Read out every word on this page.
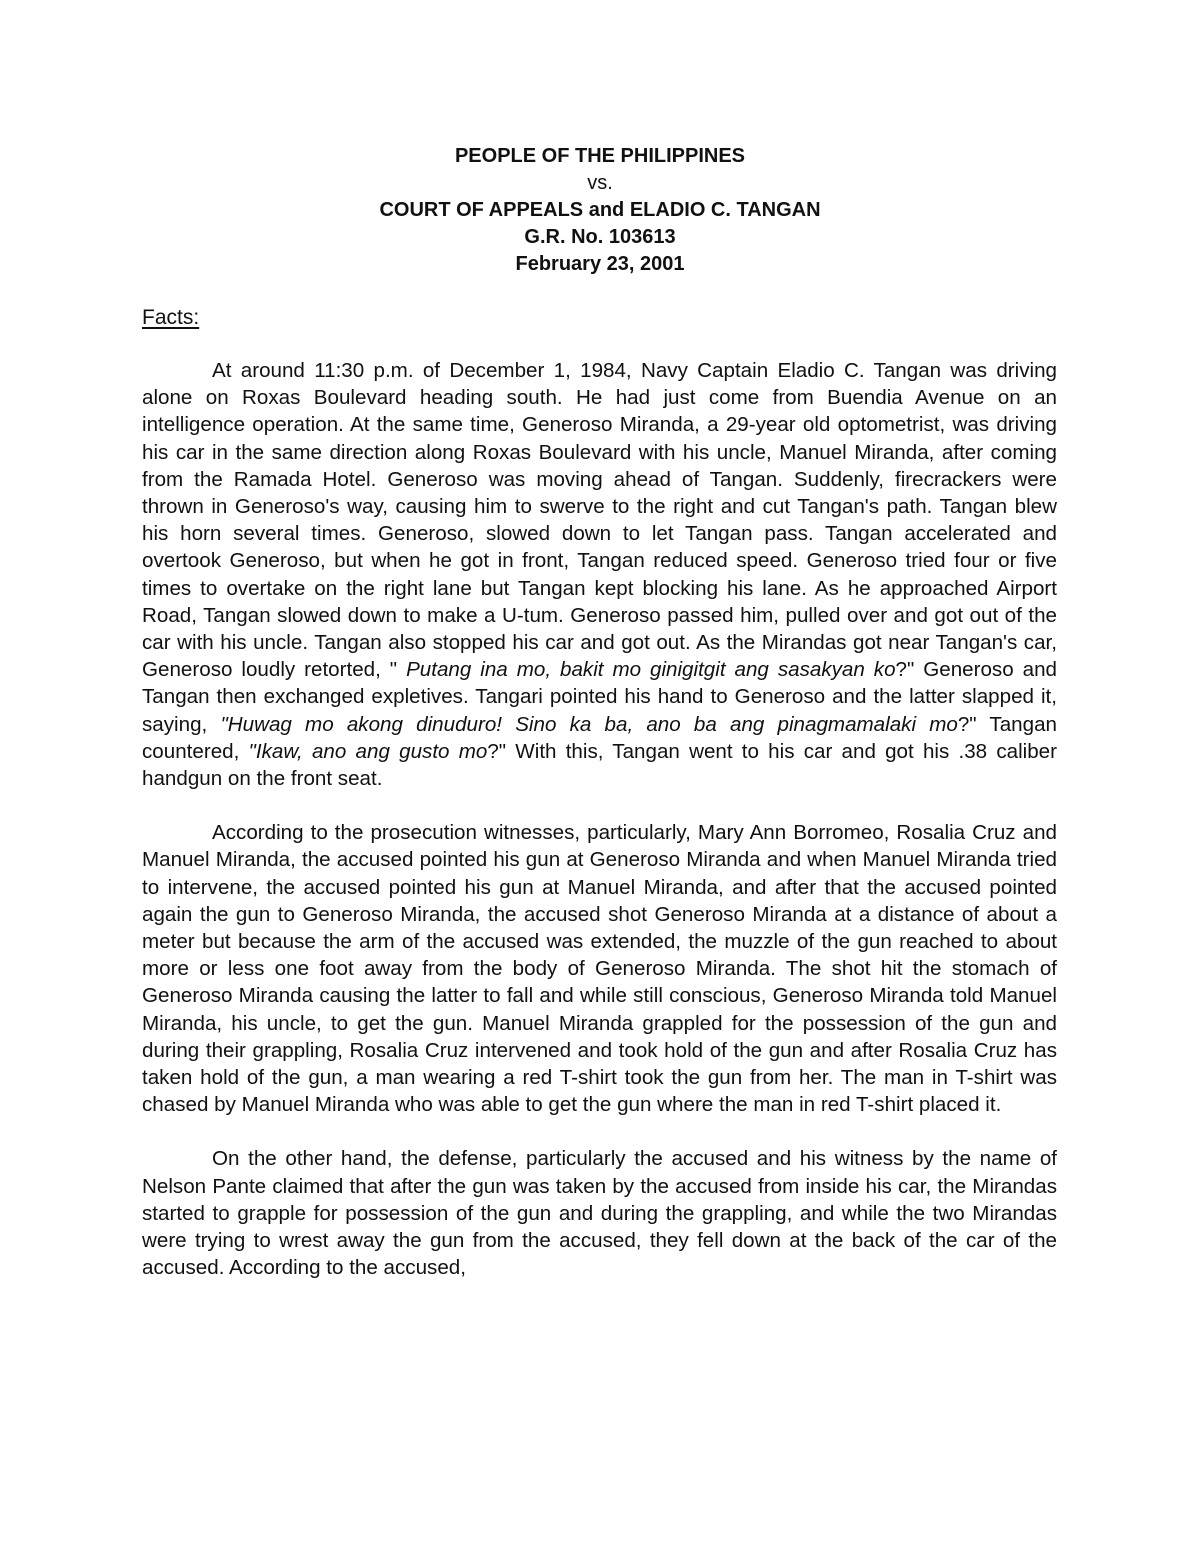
PEOPLE OF THE PHILIPPINES
vs.
COURT OF APPEALS and ELADIO C. TANGAN
G.R. No. 103613
February 23, 2001
Facts:

At around 11:30 p.m. of December 1, 1984, Navy Captain Eladio C. Tangan was driving alone on Roxas Boulevard heading south. He had just come from Buendia Avenue on an intelligence operation. At the same time, Generoso Miranda, a 29-year old optometrist, was driving his car in the same direction along Roxas Boulevard with his uncle, Manuel Miranda, after coming from the Ramada Hotel. Generoso was moving ahead of Tangan. Suddenly, firecrackers were thrown in Generoso's way, causing him to swerve to the right and cut Tangan's path. Tangan blew his horn several times. Generoso, slowed down to let Tangan pass. Tangan accelerated and overtook Generoso, but when he got in front, Tangan reduced speed. Generoso tried four or five times to overtake on the right lane but Tangan kept blocking his lane. As he approached Airport Road, Tangan slowed down to make a U-tum. Generoso passed him, pulled over and got out of the car with his uncle. Tangan also stopped his car and got out. As the Mirandas got near Tangan's car, Generoso loudly retorted, " Putang ina mo, bakit mo ginigitgit ang sasakyan ko?" Generoso and Tangan then exchanged expletives. Tangari pointed his hand to Generoso and the latter slapped it, saying, "Huwag mo akong dinuduro! Sino ka ba, ano ba ang pinagmamalaki mo?" Tangan countered, "Ikaw, ano ang gusto mo?" With this, Tangan went to his car and got his .38 caliber handgun on the front seat.

According to the prosecution witnesses, particularly, Mary Ann Borromeo, Rosalia Cruz and Manuel Miranda, the accused pointed his gun at Generoso Miranda and when Manuel Miranda tried to intervene, the accused pointed his gun at Manuel Miranda, and after that the accused pointed again the gun to Generoso Miranda, the accused shot Generoso Miranda at a distance of about a meter but because the arm of the accused was extended, the muzzle of the gun reached to about more or less one foot away from the body of Generoso Miranda. The shot hit the stomach of Generoso Miranda causing the latter to fall and while still conscious, Generoso Miranda told Manuel Miranda, his uncle, to get the gun. Manuel Miranda grappled for the possession of the gun and during their grappling, Rosalia Cruz intervened and took hold of the gun and after Rosalia Cruz has taken hold of the gun, a man wearing a red T-shirt took the gun from her. The man in T-shirt was chased by Manuel Miranda who was able to get the gun where the man in red T-shirt placed it.

On the other hand, the defense, particularly the accused and his witness by the name of Nelson Pante claimed that after the gun was taken by the accused from inside his car, the Mirandas started to grapple for possession of the gun and during the grappling, and while the two Mirandas were trying to wrest away the gun from the accused, they fell down at the back of the car of the accused. According to the accused,
